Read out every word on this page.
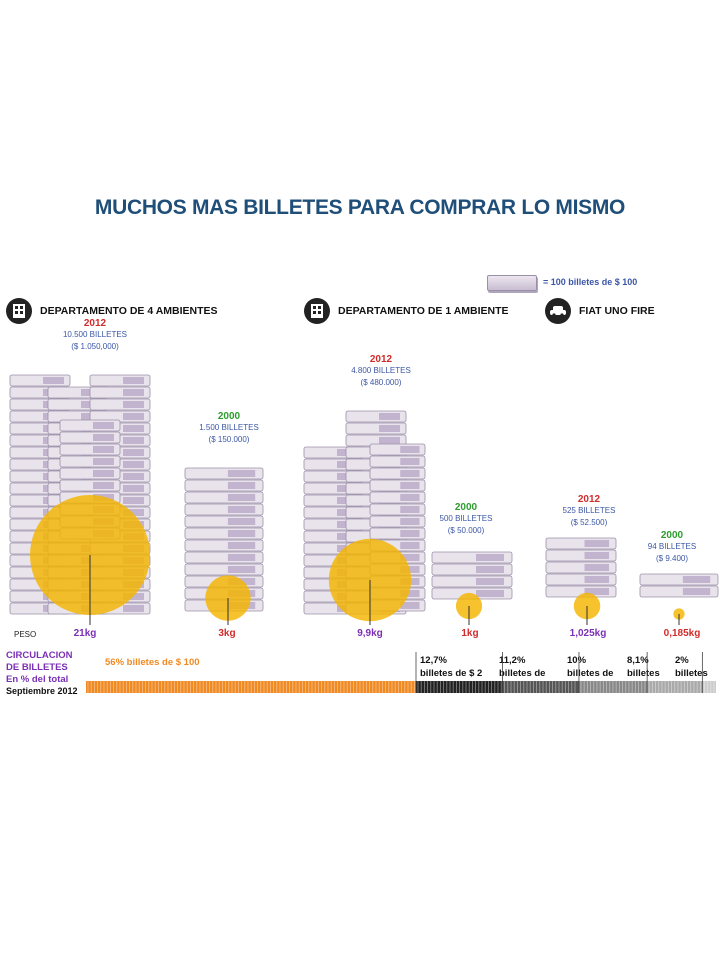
MUCHOS MAS BILLETES PARA COMPRAR LO MISMO
= 100 billetes de $ 100
DEPARTAMENTO DE 4 AMBIENTES	DEPARTAMENTO DE 1 AMBIENTE	FIAT UNO FIRE
2012
10.500 BILLETES
($ 1.050,000)
2000
1.500 BILLETES
($ 150.000)
2012
4.800 BILLETES
($ 480.000)
2000
500 BILLETES
($ 50.000)
2012
525 BILLETES
($ 52.500)
2000
94 BILLETES
($ 9.400)
PESO	21kg	3kg	9,9kg	1kg	1,025kg	0,185kg
CIRCULACION
DE BILLETES
En % del total
Septiembre 2012
56% billetes de $ 100	12,7%
billetes de $ 2
11,2%
billetes de
10%
billetes de
8,1%
billetes
2%
billetes
